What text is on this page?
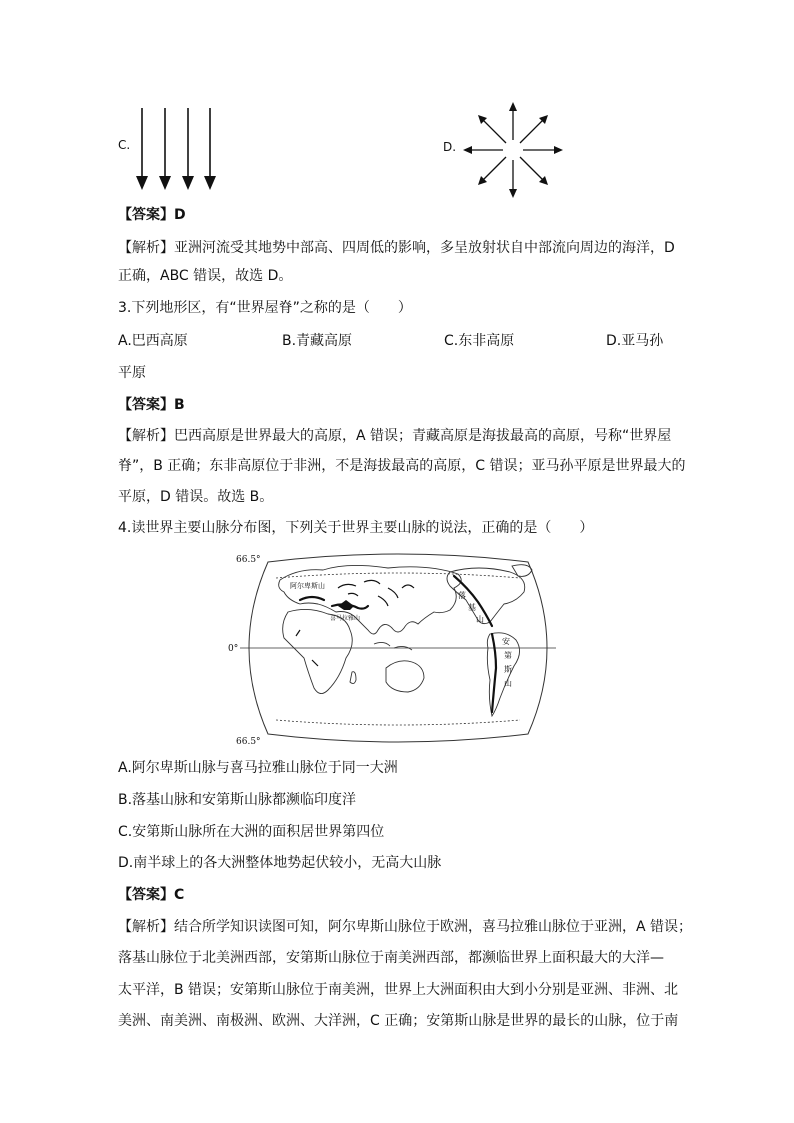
C.	D.
【答案】D
【解析】亚洲河流受其地势中部高、四周低的影响，多呈放射状自中部流向周边的海洋，D
正确，ABC 错误，故选 D。
3.下列地形区，有“世界屋脊”之称的是（　　）
A.巴西高原	B.青藏高原	C.东非高原	D.亚马孙
平原
【答案】B
【解析】巴西高原是世界最大的高原，A 错误；青藏高原是海拔最高的高原，号称“世界屋
脊”，B 正确；东非高原位于非洲，不是海拔最高的高原，C 错误；亚马孙平原是世界最大的
平原，D 错误。故选 B。
4.读世界主要山脉分布图，下列关于世界主要山脉的说法，正确的是（　　）
66.5°
0°
66.5°
阿尔卑斯山
喜马拉雅山
落
基
山
安
第
斯
山
A.阿尔卑斯山脉与喜马拉雅山脉位于同一大洲
B.落基山脉和安第斯山脉都濒临印度洋
C.安第斯山脉所在大洲的面积居世界第四位
D.南半球上的各大洲整体地势起伏较小，无高大山脉
【答案】C
【解析】结合所学知识读图可知，阿尔卑斯山脉位于欧洲，喜马拉雅山脉位于亚洲，A 错误；
落基山脉位于北美洲西部，安第斯山脉位于南美洲西部，都濒临世界上面积最大的大洋—
太平洋，B 错误；安第斯山脉位于南美洲，世界上大洲面积由大到小分别是亚洲、非洲、北
美洲、南美洲、南极洲、欧洲、大洋洲，C 正确；安第斯山脉是世界的最长的山脉，位于南
